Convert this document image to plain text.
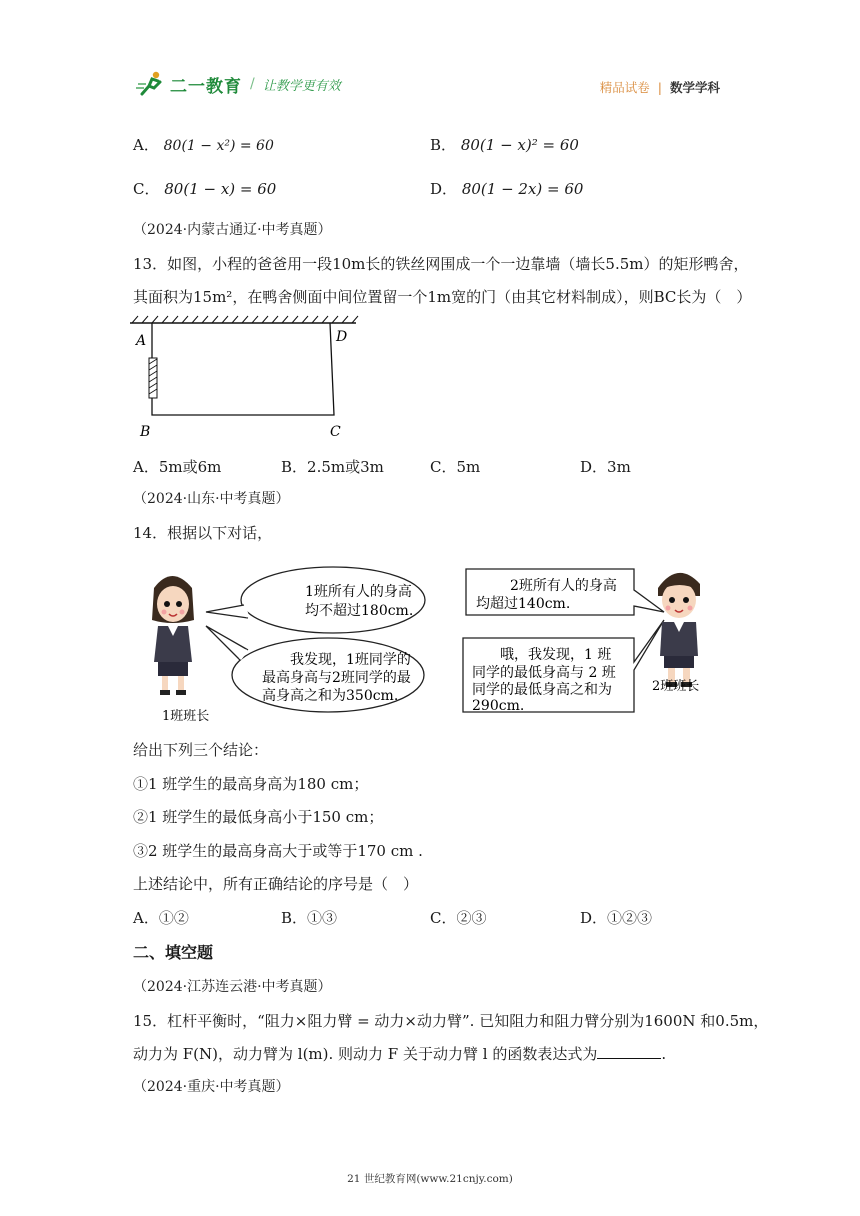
二一教育 / 让教学更有效	精品试卷 | 数学学科
A． 80(1 − x²) = 60	B． 80(1 − x)² = 60
C． 80(1 − x) = 60	D． 80(1 − 2x) = 60
（2024·内蒙古通辽·中考真题）
13．如图，小程的爸爸用一段10m长的铁丝网围成一个一边靠墙（墙长5.5m）的矩形鸭舍，
其面积为15m²，在鸭舍侧面中间位置留一个1m宽的门（由其它材料制成），则BC长为（　）
A	D
B	C
A．5m或6m	B．2.5m或3m	C．5m	D．3m
（2024·山东·中考真题）
14．根据以下对话，
1班班长
1班所有人的身高 均不超过180cm.
我发现，1班同学的 最高身高与2班同学的最 高身高之和为350cm.
2班所有人的身高 均超过140cm.
哦，我发现，1 班 同学的最低身高与 2 班 同学的最低身高之和为 290cm.
2班班长
给出下列三个结论：
①1 班学生的最高身高为180 cm；
②1 班学生的最低身高小于150 cm；
③2 班学生的最高身高大于或等于170 cm .
上述结论中，所有正确结论的序号是（　）
A．①②	B．①③	C．②③	D．①②③
二、填空题
（2024·江苏连云港·中考真题）
15．杠杆平衡时，“阻力×阻力臂 = 动力×动力臂”. 已知阻力和阻力臂分别为1600N 和0.5m，
动力为 F(N)，动力臂为 l(m). 则动力 F 关于动力臂 l 的函数表达式为	.
（2024·重庆·中考真题）
21 世纪教育网(www.21cnjy.com)
